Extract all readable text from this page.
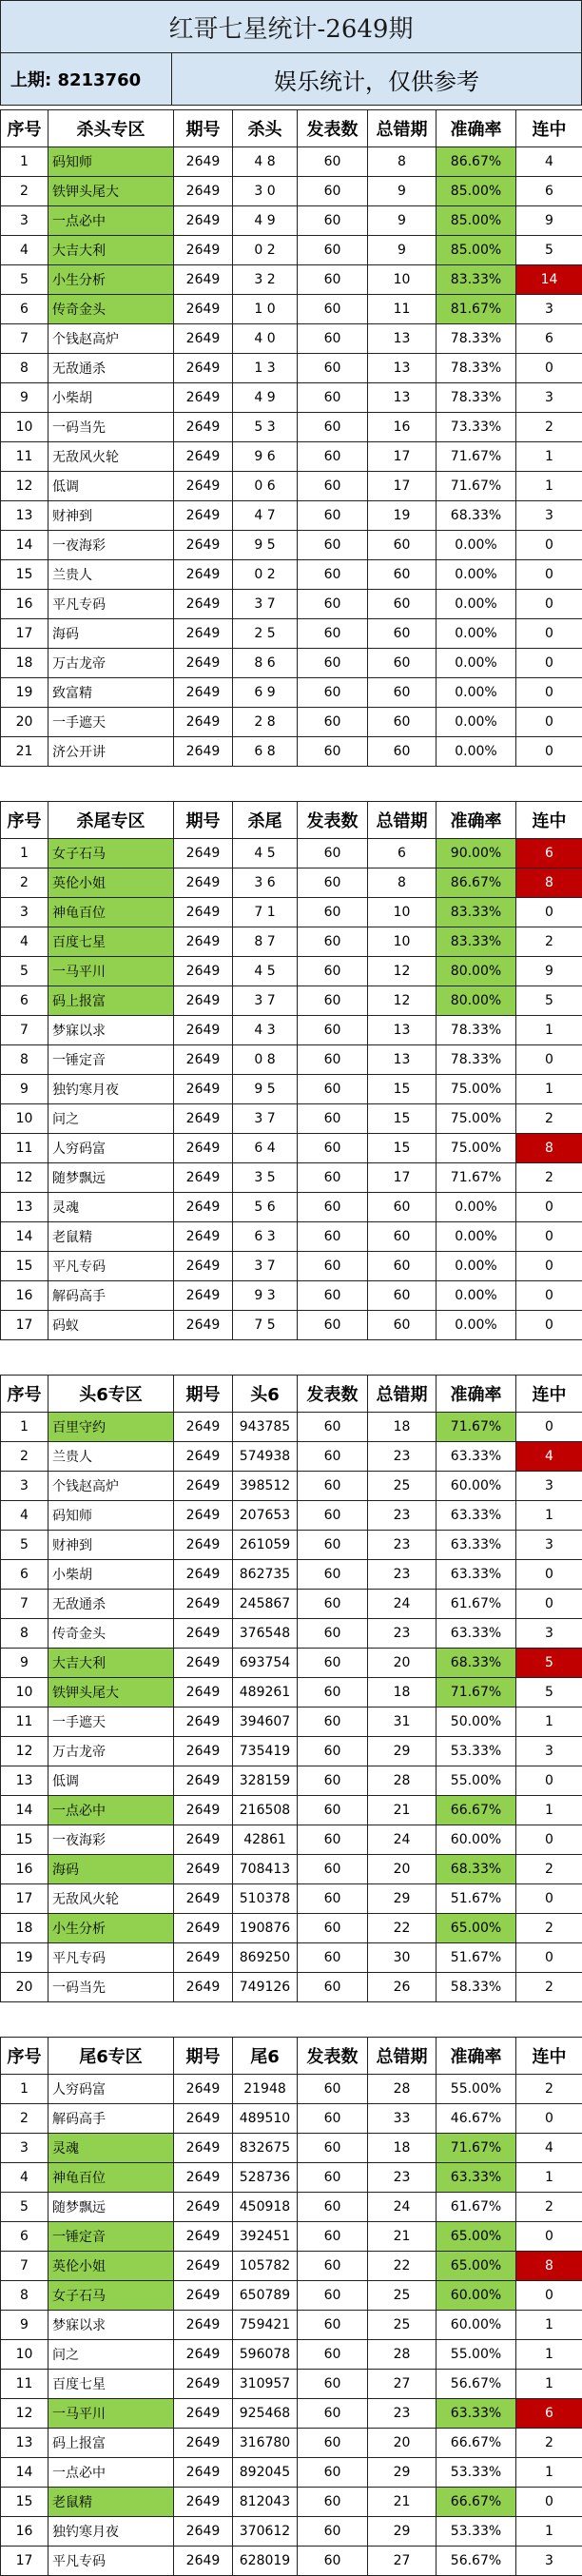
红哥七星统计-2649期
上期: 8213760	娱乐统计，仅供参考
序号	杀头专区	期号	杀头	发表数	总错期	准确率	连中
1	码知师	2649	4 8	60	8	86.67%	4
2	铁钾头尾大	2649	3 0	60	9	85.00%	6
3	一点必中	2649	4 9	60	9	85.00%	9
4	大吉大利	2649	0 2	60	9	85.00%	5
5	小生分析	2649	3 2	60	10	83.33%	14
6	传奇金头	2649	1 0	60	11	81.67%	3
7	个钱赵高炉	2649	4 0	60	13	78.33%	6
8	无敌通杀	2649	1 3	60	13	78.33%	0
9	小柴胡	2649	4 9	60	13	78.33%	3
10	一码当先	2649	5 3	60	16	73.33%	2
11	无敌风火轮	2649	9 6	60	17	71.67%	1
12	低调	2649	0 6	60	17	71.67%	1
13	财神到	2649	4 7	60	19	68.33%	3
14	一夜海彩	2649	9 5	60	60	0.00%	0
15	兰贵人	2649	0 2	60	60	0.00%	0
16	平凡专码	2649	3 7	60	60	0.00%	0
17	海码	2649	2 5	60	60	0.00%	0
18	万古龙帝	2649	8 6	60	60	0.00%	0
19	致富精	2649	6 9	60	60	0.00%	0
20	一手遮天	2649	2 8	60	60	0.00%	0
21	济公开讲	2649	6 8	60	60	0.00%	0
序号	杀尾专区	期号	杀尾	发表数	总错期	准确率	连中
1	女子石马	2649	4 5	60	6	90.00%	6
2	英伦小姐	2649	3 6	60	8	86.67%	8
3	神龟百位	2649	7 1	60	10	83.33%	0
4	百度七星	2649	8 7	60	10	83.33%	2
5	一马平川	2649	4 5	60	12	80.00%	9
6	码上报富	2649	3 7	60	12	80.00%	5
7	梦寐以求	2649	4 3	60	13	78.33%	1
8	一锤定音	2649	0 8	60	13	78.33%	0
9	独钓寒月夜	2649	9 5	60	15	75.00%	1
10	问之	2649	3 7	60	15	75.00%	2
11	人穷码富	2649	6 4	60	15	75.00%	8
12	随梦飘远	2649	3 5	60	17	71.67%	2
13	灵魂	2649	5 6	60	60	0.00%	0
14	老鼠精	2649	6 3	60	60	0.00%	0
15	平凡专码	2649	3 7	60	60	0.00%	0
16	解码高手	2649	9 3	60	60	0.00%	0
17	码蚁	2649	7 5	60	60	0.00%	0
序号	头6专区	期号	头6	发表数	总错期	准确率	连中
1	百里守约	2649	943785	60	18	71.67%	0
2	兰贵人	2649	574938	60	23	63.33%	4
3	个钱赵高炉	2649	398512	60	25	60.00%	3
4	码知师	2649	207653	60	23	63.33%	1
5	财神到	2649	261059	60	23	63.33%	3
6	小柴胡	2649	862735	60	23	63.33%	0
7	无敌通杀	2649	245867	60	24	61.67%	0
8	传奇金头	2649	376548	60	23	63.33%	3
9	大吉大利	2649	693754	60	20	68.33%	5
10	铁钾头尾大	2649	489261	60	18	71.67%	5
11	一手遮天	2649	394607	60	31	50.00%	1
12	万古龙帝	2649	735419	60	29	53.33%	3
13	低调	2649	328159	60	28	55.00%	0
14	一点必中	2649	216508	60	21	66.67%	1
15	一夜海彩	2649	42861	60	24	60.00%	0
16	海码	2649	708413	60	20	68.33%	2
17	无敌风火轮	2649	510378	60	29	51.67%	0
18	小生分析	2649	190876	60	22	65.00%	2
19	平凡专码	2649	869250	60	30	51.67%	0
20	一码当先	2649	749126	60	26	58.33%	2
序号	尾6专区	期号	尾6	发表数	总错期	准确率	连中
1	人穷码富	2649	21948	60	28	55.00%	2
2	解码高手	2649	489510	60	33	46.67%	0
3	灵魂	2649	832675	60	18	71.67%	4
4	神龟百位	2649	528736	60	23	63.33%	1
5	随梦飘远	2649	450918	60	24	61.67%	2
6	一锤定音	2649	392451	60	21	65.00%	0
7	英伦小姐	2649	105782	60	22	65.00%	8
8	女子石马	2649	650789	60	25	60.00%	0
9	梦寐以求	2649	759421	60	25	60.00%	1
10	问之	2649	596078	60	28	55.00%	1
11	百度七星	2649	310957	60	27	56.67%	1
12	一马平川	2649	925468	60	23	63.33%	6
13	码上报富	2649	316780	60	20	66.67%	2
14	一点必中	2649	892045	60	29	53.33%	1
15	老鼠精	2649	812043	60	21	66.67%	0
16	独钓寒月夜	2649	370612	60	29	53.33%	1
17	平凡专码	2649	628019	60	27	56.67%	3
